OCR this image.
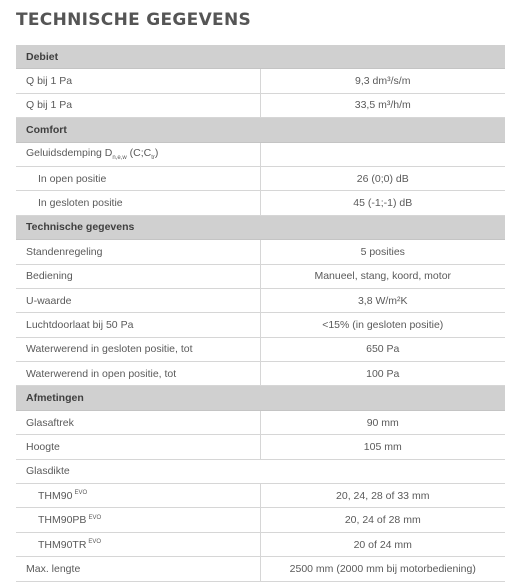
TECHNISCHE GEGEVENS
Debiet	
Q bij 1 Pa	9,3 dm³/s/m
Q bij 1 Pa	33,5 m³/h/m
Comfort	
Geluidsdemping $D_{n,e,w}$ $(C;C_{tr})$	
In open positie	26 (0;0) dB
In gesloten positie	45 (-1;-1) dB
Technische gegevens	
Standenregeling	5 posities
Bediening	Manueel, stang, koord, motor
U-waarde	3,8 W/m²K
Luchtdoorlaat bij 50 Pa	<15% (in gesloten positie)
Waterwerend in gesloten positie, tot	650 Pa
Waterwerend in open positie, tot	100 Pa
Afmetingen	
Glasaftrek	90 mm
Hoogte	105 mm
Glasdikte	
THM90 $^{EVO}$	20, 24, 28 of 33 mm
THM90PB $^{EVO}$	20, 24 of 28 mm
THM90TR $^{EVO}$	20 of 24 mm
Max. lengte	2500 mm (2000 mm bij motorbediening)
